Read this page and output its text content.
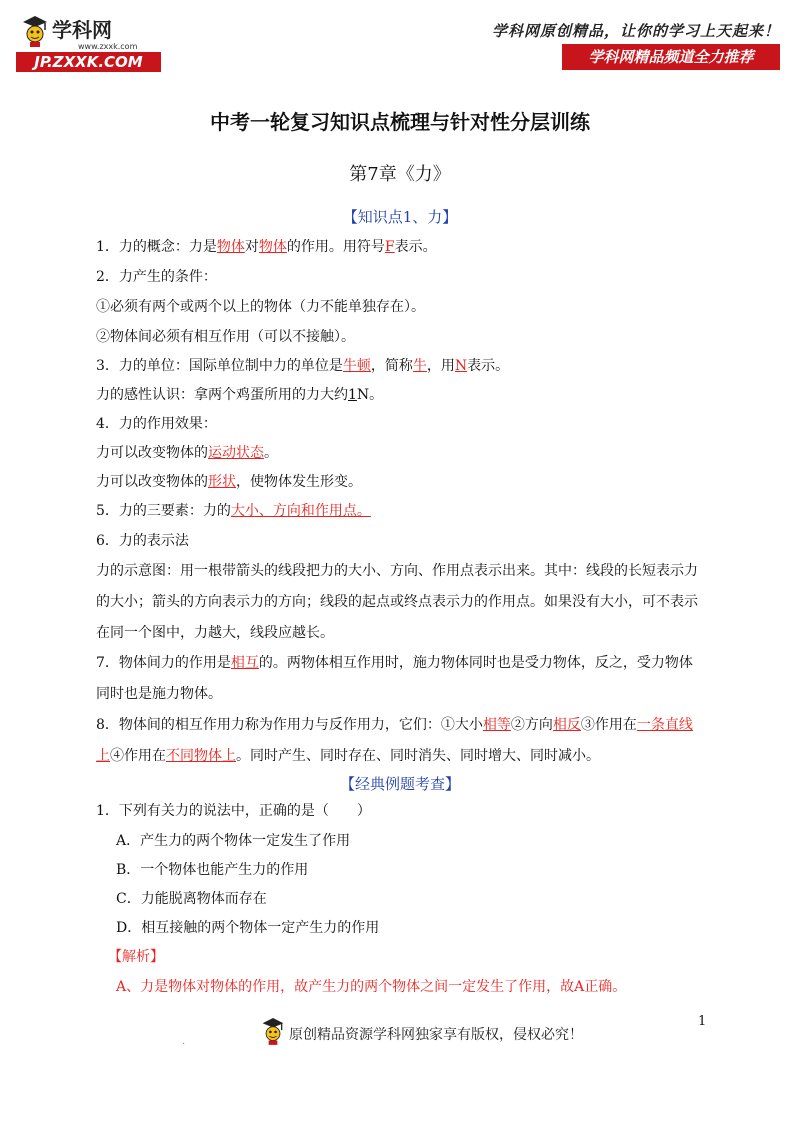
学科网
www.zxxk.com
JP.ZXXK.COM
学科网原创精品，让你的学习上天起来！
学科网精品频道全力推荐
中考一轮复习知识点梳理与针对性分层训练
第7章《力》
【知识点1、力】
1．力的概念：力是物体对物体的作用。用符号F表示。
2．力产生的条件：
①必须有两个或两个以上的物体（力不能单独存在）。
②物体间必须有相互作用（可以不接触）。
3．力的单位：国际单位制中力的单位是牛顿，简称牛，用N表示。
力的感性认识：拿两个鸡蛋所用的力大约1N。
4．力的作用效果：
力可以改变物体的运动状态。
力可以改变物体的形状，使物体发生形变。
5．力的三要素：力的大小、方向和作用点。
6．力的表示法
力的示意图：用一根带箭头的线段把力的大小、方向、作用点表示出来。其中：线段的长短表示力
的大小；箭头的方向表示力的方向；线段的起点或终点表示力的作用点。如果没有大小，可不表示
在同一个图中，力越大，线段应越长。
7．物体间力的作用是相互的。两物体相互作用时，施力物体同时也是受力物体，反之，受力物体
同时也是施力物体。
8．物体间的相互作用力称为作用力与反作用力，它们：①大小相等②方向相反③作用在一条直线
上④作用在不同物体上。同时产生、同时存在、同时消失、同时增大、同时减小。
【经典例题考查】
1．下列有关力的说法中，正确的是（　　）
A．产生力的两个物体一定发生了作用
B．一个物体也能产生力的作用
C．力能脱离物体而存在
D．相互接触的两个物体一定产生力的作用
【解析】
A、力是物体对物体的作用，故产生力的两个物体之间一定发生了作用，故A正确。
1
.	原创精品资源学科网独家享有版权，侵权必究！
